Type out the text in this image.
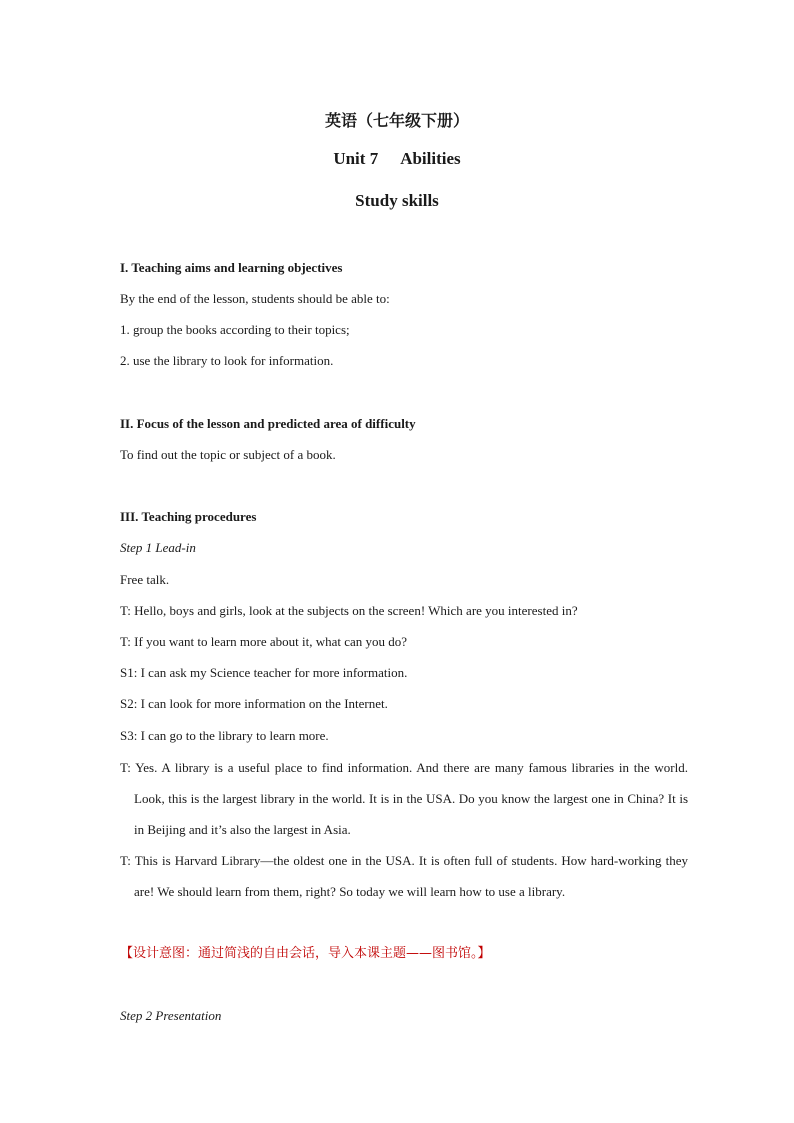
英语（七年级下册）
Unit 7 Abilities
Study skills
I. Teaching aims and learning objectives
By the end of the lesson, students should be able to:
1. group the books according to their topics;
2. use the library to look for information.
II. Focus of the lesson and predicted area of difficulty
To find out the topic or subject of a book.
III. Teaching procedures
Step 1 Lead-in
Free talk.
T: Hello, boys and girls, look at the subjects on the screen! Which are you interested in?
T: If you want to learn more about it, what can you do?
S1: I can ask my Science teacher for more information.
S2: I can look for more information on the Internet.
S3: I can go to the library to learn more.
T: Yes. A library is a useful place to find information. And there are many famous libraries in the world. Look, this is the largest library in the world. It is in the USA. Do you know the largest one in China? It is in Beijing and it’s also the largest in Asia.
T: This is Harvard Library—the oldest one in the USA. It is often full of students. How hard-working they are! We should learn from them, right? So today we will learn how to use a library.
【设计意图：通过简浅的自由会话，导入本课主题——图书馆。】
Step 2 Presentation
